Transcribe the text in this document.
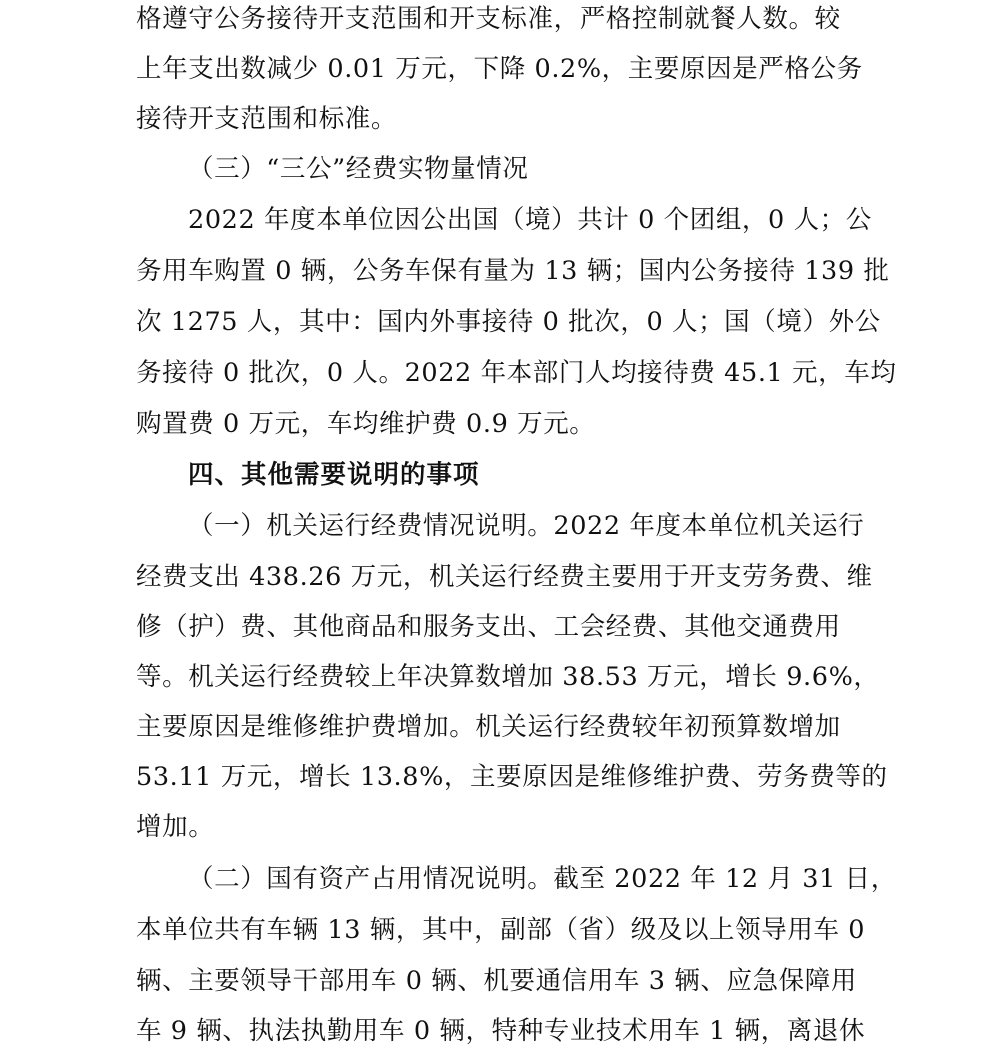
格遵守公务接待开支范围和开支标准，严格控制就餐人数。较
上年支出数减少 0.01 万元，下降 0.2%，主要原因是严格公务
接待开支范围和标准。
（三）“三公”经费实物量情况
2022 年度本单位因公出国（境）共计 0 个团组，0 人；公
务用车购置 0 辆，公务车保有量为 13 辆；国内公务接待 139 批
次 1275 人，其中：国内外事接待 0 批次，0 人；国（境）外公
务接待 0 批次，0 人。2022 年本部门人均接待费 45.1 元，车均
购置费 0 万元，车均维护费 0.9 万元。
四、其他需要说明的事项
（一）机关运行经费情况说明。2022 年度本单位机关运行
经费支出 438.26 万元，机关运行经费主要用于开支劳务费、维
修（护）费、其他商品和服务支出、工会经费、其他交通费用
等。机关运行经费较上年决算数增加 38.53 万元，增长 9.6%，
主要原因是维修维护费增加。机关运行经费较年初预算数增加
53.11 万元，增长 13.8%，主要原因是维修维护费、劳务费等的
增加。
（二）国有资产占用情况说明。截至 2022 年 12 月 31 日，
本单位共有车辆 13 辆，其中，副部（省）级及以上领导用车 0
辆、主要领导干部用车 0 辆、机要通信用车 3 辆、应急保障用
车 9 辆、执法执勤用车 0 辆，特种专业技术用车 1 辆，离退休
